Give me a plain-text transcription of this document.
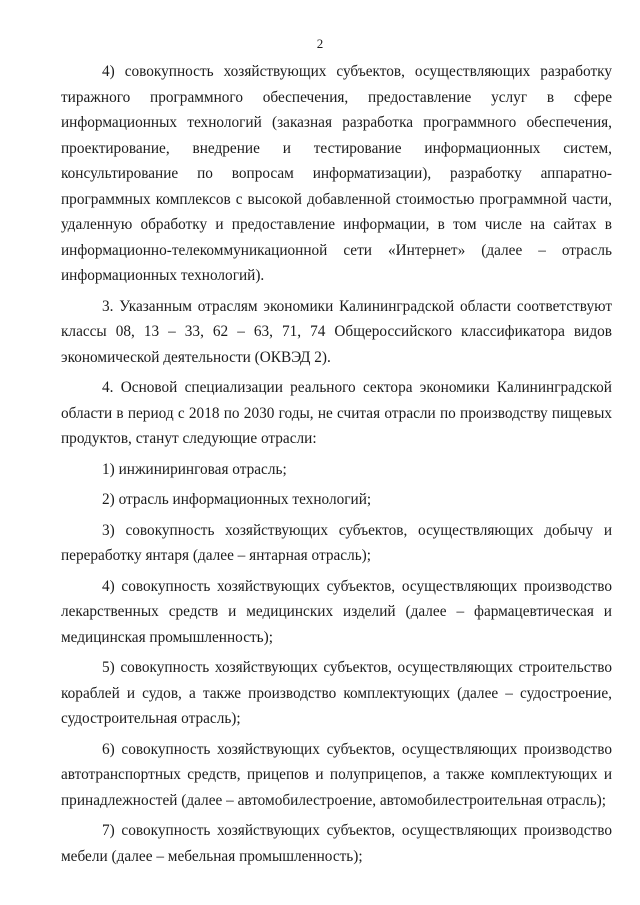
2

4) совокупность хозяйствующих субъектов, осуществляющих разработку тиражного программного обеспечения, предоставление услуг в сфере информационных технологий (заказная разработка программного обеспечения, проектирование, внедрение и тестирование информационных систем, консультирование по вопросам информатизации), разработку аппаратно-программных комплексов с высокой добавленной стоимостью программной части, удаленную обработку и предоставление информации, в том числе на сайтах в информационно-телекоммуникационной сети «Интернет» (далее – отрасль информационных технологий).

3. Указанным отраслям экономики Калининградской области соответствуют классы 08, 13 – 33, 62 – 63, 71, 74 Общероссийского классификатора видов экономической деятельности (ОКВЭД 2).

4. Основой специализации реального сектора экономики Калининградской области в период с 2018 по 2030 годы, не считая отрасли по производству пищевых продуктов, станут следующие отрасли:

1) инжиниринговая отрасль;

2) отрасль информационных технологий;

3) совокупность хозяйствующих субъектов, осуществляющих добычу и переработку янтаря (далее – янтарная отрасль);

4) совокупность хозяйствующих субъектов, осуществляющих производство лекарственных средств и медицинских изделий (далее – фармацевтическая и медицинская промышленность);

5) совокупность хозяйствующих субъектов, осуществляющих строительство кораблей и судов, а также производство комплектующих (далее – судостроение, судостроительная отрасль);

6) совокупность хозяйствующих субъектов, осуществляющих производство автотранспортных средств, прицепов и полуприцепов, а также комплектующих и принадлежностей (далее – автомобилестроение, автомобилестроительная отрасль);

7) совокупность хозяйствующих субъектов, осуществляющих производство мебели (далее – мебельная промышленность);
